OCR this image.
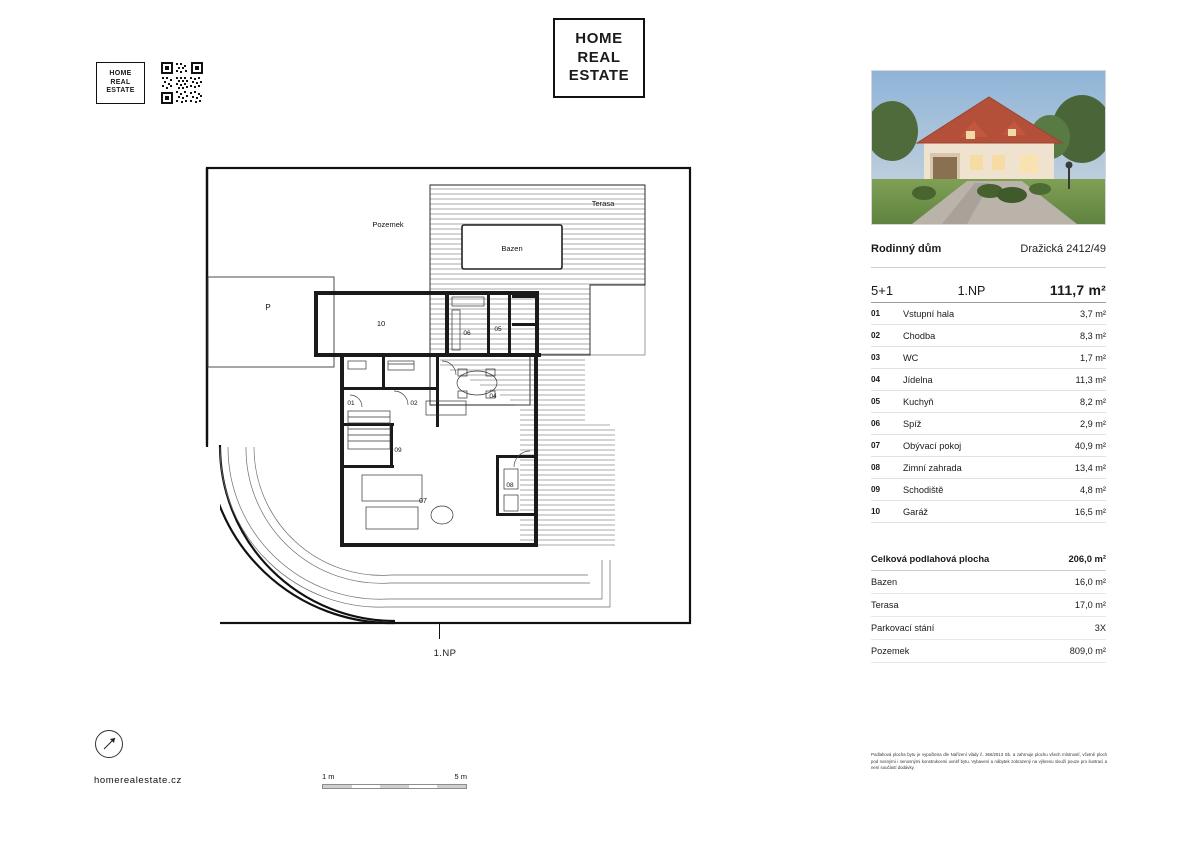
HOME
REAL
ESTATE
HOME
REAL
ESTATE
Rodinný dům	Dražická 2412/49
5+1	1.NP	111,7 m²
01	Vstupní hala	3,7 m²
02	Chodba	8,3 m²
03	WC	1,7 m²
04	Jídelna	11,3 m²
05	Kuchyň	8,2 m²
06	Spíž	2,9 m²
07	Obývací pokoj	40,9 m²
08	Zimní zahrada	13,4 m²
09	Schodiště	4,8 m²
10	Garáž	16,5 m²
Celková podlahová plocha	206,0 m²
Bazen	16,0 m²
Terasa	17,0 m²
Parkovací stání	3X
Pozemek	809,0 m²
Podlahová plocha bytu je vypočtena dle Nařízení vlády č. 366/2013 Sb. a zahrnuje plochu všech místností, včetně ploch pod nosnými i nenosnými konstrukcemi uvnitř bytu. Vybavení a nábytek zobrazený na výkresu slouží pouze pro ilustraci a není součástí dodávky.
P
Terasa
Bazen
Pozemek
10
06
05
01	02
04
09
08
07
1.NP
homerealestate.cz	1 m	5 m
